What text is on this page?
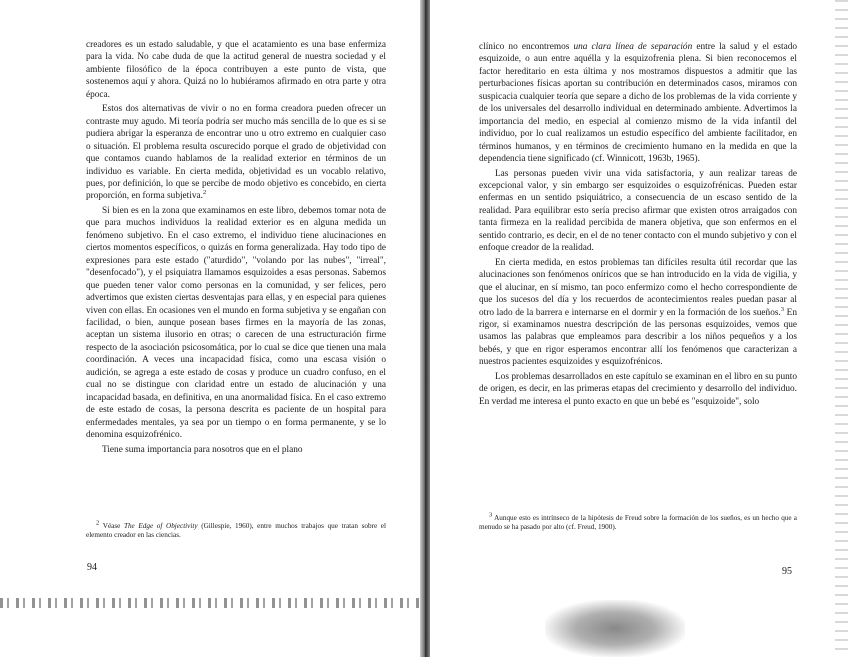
creadores es un estado saludable, y que el acatamiento es una base enfermiza para la vida. No cabe duda de que la actitud general de nuestra sociedad y el ambiente filosófico de la época contribuyen a este punto de vista, que sostenemos aquí y ahora. Quizá no lo hubiéramos afirmado en otra parte y otra época.

Estos dos alternativas de vivir o no en forma creadora pueden ofrecer un contraste muy agudo. Mi teoría podría ser mucho más sencilla de lo que es si se pudiera abrigar la esperanza de encontrar uno u otro extremo en cualquier caso o situación. El problema resulta oscurecido porque el grado de objetividad con que contamos cuando hablamos de la realidad exterior en términos de un individuo es variable. En cierta medida, objetividad es un vocablo relativo, pues, por definición, lo que se percibe de modo objetivo es concebido, en cierta proporción, en forma subjetiva.$^2$

Si bien es en la zona que examinamos en este libro, debemos tomar nota de que para muchos individuos la realidad exterior es en alguna medida un fenómeno subjetivo. En el caso extremo, el individuo tiene alucinaciones en ciertos momentos específicos, o quizás en forma generalizada. Hay todo tipo de expresiones para este estado ("aturdido", "volando por las nubes", "irreal", "desenfocado"), y el psiquiatra llamamos esquizoides a esas personas. Sabemos que pueden tener valor como personas en la comunidad, y ser felices, pero advertimos que existen ciertas desventajas para ellas, y en especial para quienes viven con ellas. En ocasiones ven el mundo en forma subjetiva y se engañan con facilidad, o bien, aunque posean bases firmes en la mayoría de las zonas, aceptan un sistema ilusorio en otras; o carecen de una estructuración firme respecto de la asociación psicosomática, por lo cual se dice que tienen una mala coordinación. A veces una incapacidad física, como una escasa visión o audición, se agrega a este estado de cosas y produce un cuadro confuso, en el cual no se distingue con claridad entre un estado de alucinación y una incapacidad basada, en definitiva, en una anormalidad física. En el caso extremo de este estado de cosas, la persona descrita es paciente de un hospital para enfermedades mentales, ya sea por un tiempo o en forma permanente, y se lo denomina esquizofrénico.

Tiene suma importancia para nosotros que en el plano

$^2$ Véase The Edge of Objectivity (Gillespie, 1960), entre muchos trabajos que tratan sobre el elemento creador en las ciencias.

94

clínico no encontremos una clara línea de separación entre la salud y el estado esquizoide, o aun entre aquélla y la esquizofrenia plena. Si bien reconocemos el factor hereditario en esta última y nos mostramos dispuestos a admitir que las perturbaciones físicas aportan su contribución en determinados casos, miramos con suspicacia cualquier teoría que separe a dicho de los problemas de la vida corriente y de los universales del desarrollo individual en determinado ambiente. Advertimos la importancia del medio, en especial al comienzo mismo de la vida infantil del individuo, por lo cual realizamos un estudio específico del ambiente facilitador, en términos humanos, y en términos de crecimiento humano en la medida en que la dependencia tiene significado (cf. Winnicott, 1963b, 1965).

Las personas pueden vivir una vida satisfactoria, y aun realizar tareas de excepcional valor, y sin embargo ser esquizoides o esquizofrénicas. Pueden estar enfermas en un sentido psiquiátrico, a consecuencia de un escaso sentido de la realidad. Para equilibrar esto sería preciso afirmar que existen otros arraigados con tanta firmeza en la realidad percibida de manera objetiva, que son enfermos en el sentido contrario, es decir, en el de no tener contacto con el mundo subjetivo y con el enfoque creador de la realidad.

En cierta medida, en estos problemas tan difíciles resulta útil recordar que las alucinaciones son fenómenos oníricos que se han introducido en la vida de vigilia, y que el alucinar, en sí mismo, tan poco enfermizo como el hecho correspondiente de que los sucesos del día y los recuerdos de acontecimientos reales puedan pasar al otro lado de la barrera e internarse en el dormir y en la formación de los sueños.$^3$ En rigor, si examinamos nuestra descripción de las personas esquizoides, vemos que usamos las palabras que empleamos para describir a los niños pequeños y a los bebés, y que en rigor esperamos encontrar allí los fenómenos que caracterizan a nuestros pacientes esquizoides y esquizofrénicos.

Los problemas desarrollados en este capítulo se examinan en el libro en su punto de origen, es decir, en las primeras etapas del crecimiento y desarrollo del individuo. En verdad me interesa el punto exacto en que un bebé es "esquizoide", solo

$^3$ Aunque esto es intrínseco de la hipótesis de Freud sobre la formación de los sueños, es un hecho que a menudo se ha pasado por alto (cf. Freud, 1900).

95
